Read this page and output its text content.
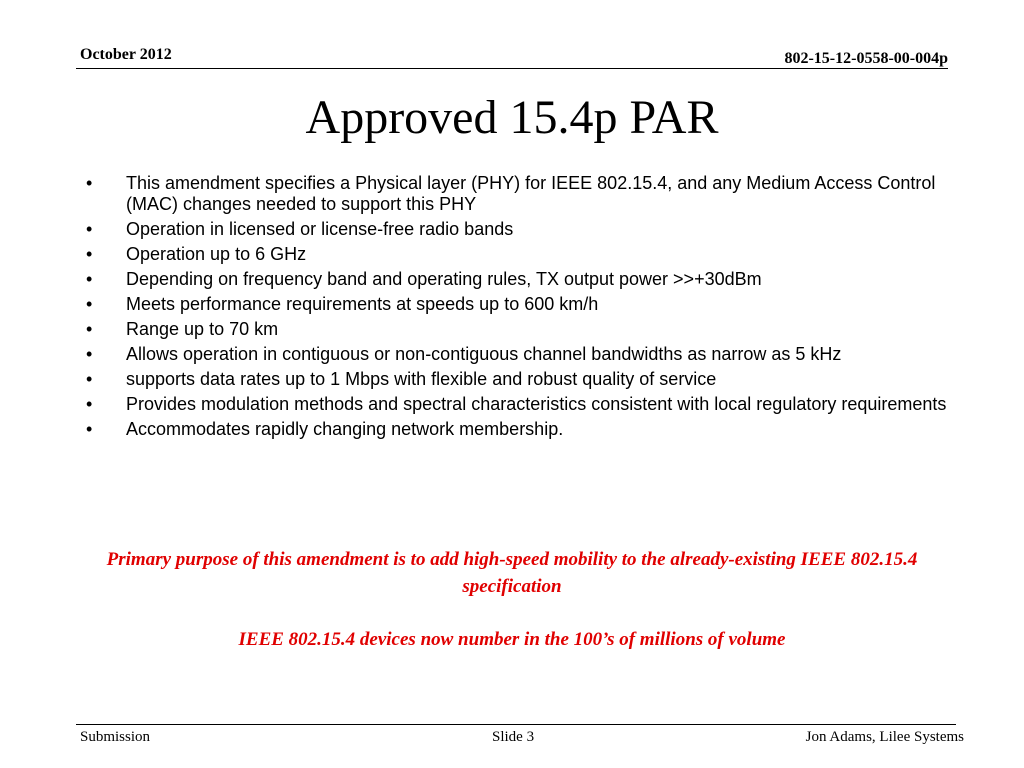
October 2012	802-15-12-0558-00-004p
Approved 15.4p PAR
• This amendment specifies a Physical layer (PHY) for IEEE 802.15.4, and any Medium Access Control (MAC) changes needed to support this PHY
• Operation in licensed or license-free radio bands
• Operation up to 6 GHz
• Depending on frequency band and operating rules, TX output power >>+30dBm
• Meets performance requirements at speeds up to 600 km/h
• Range up to 70 km
• Allows operation in contiguous or non-contiguous channel bandwidths as narrow as 5 kHz
• supports data rates up to 1 Mbps with flexible and robust quality of service
• Provides modulation methods and spectral characteristics consistent with local regulatory requirements
• Accommodates rapidly changing network membership.
Primary purpose of this amendment is to add high-speed mobility to the already-existing IEEE 802.15.4 specification
IEEE 802.15.4 devices now number in the 100’s of millions of volume
Submission	Slide 3	Jon Adams, Lilee Systems
